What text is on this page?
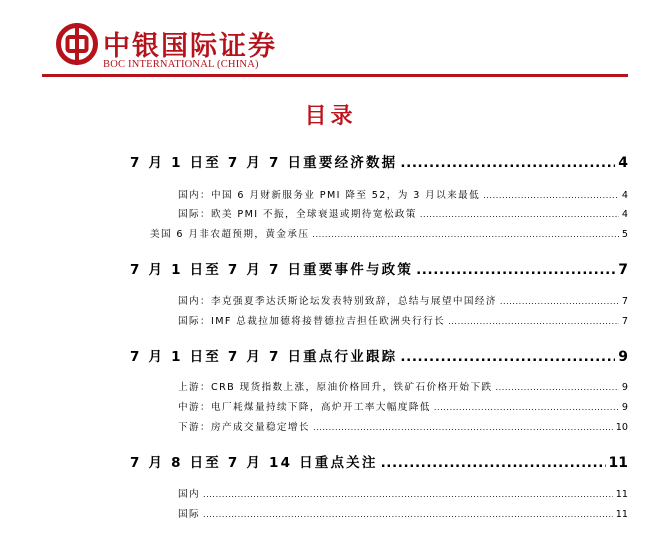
中银国际证券
BOC INTERNATIONAL (CHINA)
目录
7 月 1 日至 7 月 7 日重要经济数据 .....	4
国内：中国 6 月财新服务业 PMI 降至 52，为 3 月以来最低 .....	4
国际：欧美 PMI 不振，全球衰退或期待宽松政策 .....	4
美国 6 月非农超预期，黄金承压 .....	5
7 月 1 日至 7 月 7 日重要事件与政策 .....	7
国内：李克强夏季达沃斯论坛发表特别致辞，总结与展望中国经济 .....	7
国际：IMF 总裁拉加德将接替德拉吉担任欧洲央行行长 .....	7
7 月 1 日至 7 月 7 日重点行业跟踪 .....	9
上游：CRB 现货指数上涨，原油价格回升，铁矿石价格开始下跌 .....	9
中游：电厂耗煤量持续下降，高炉开工率大幅度降低 .....	9
下游：房产成交量稳定增长 .....	10
7 月 8 日至 7 月 14 日重点关注 .....	11
国内 .....	11
国际 .....	11
